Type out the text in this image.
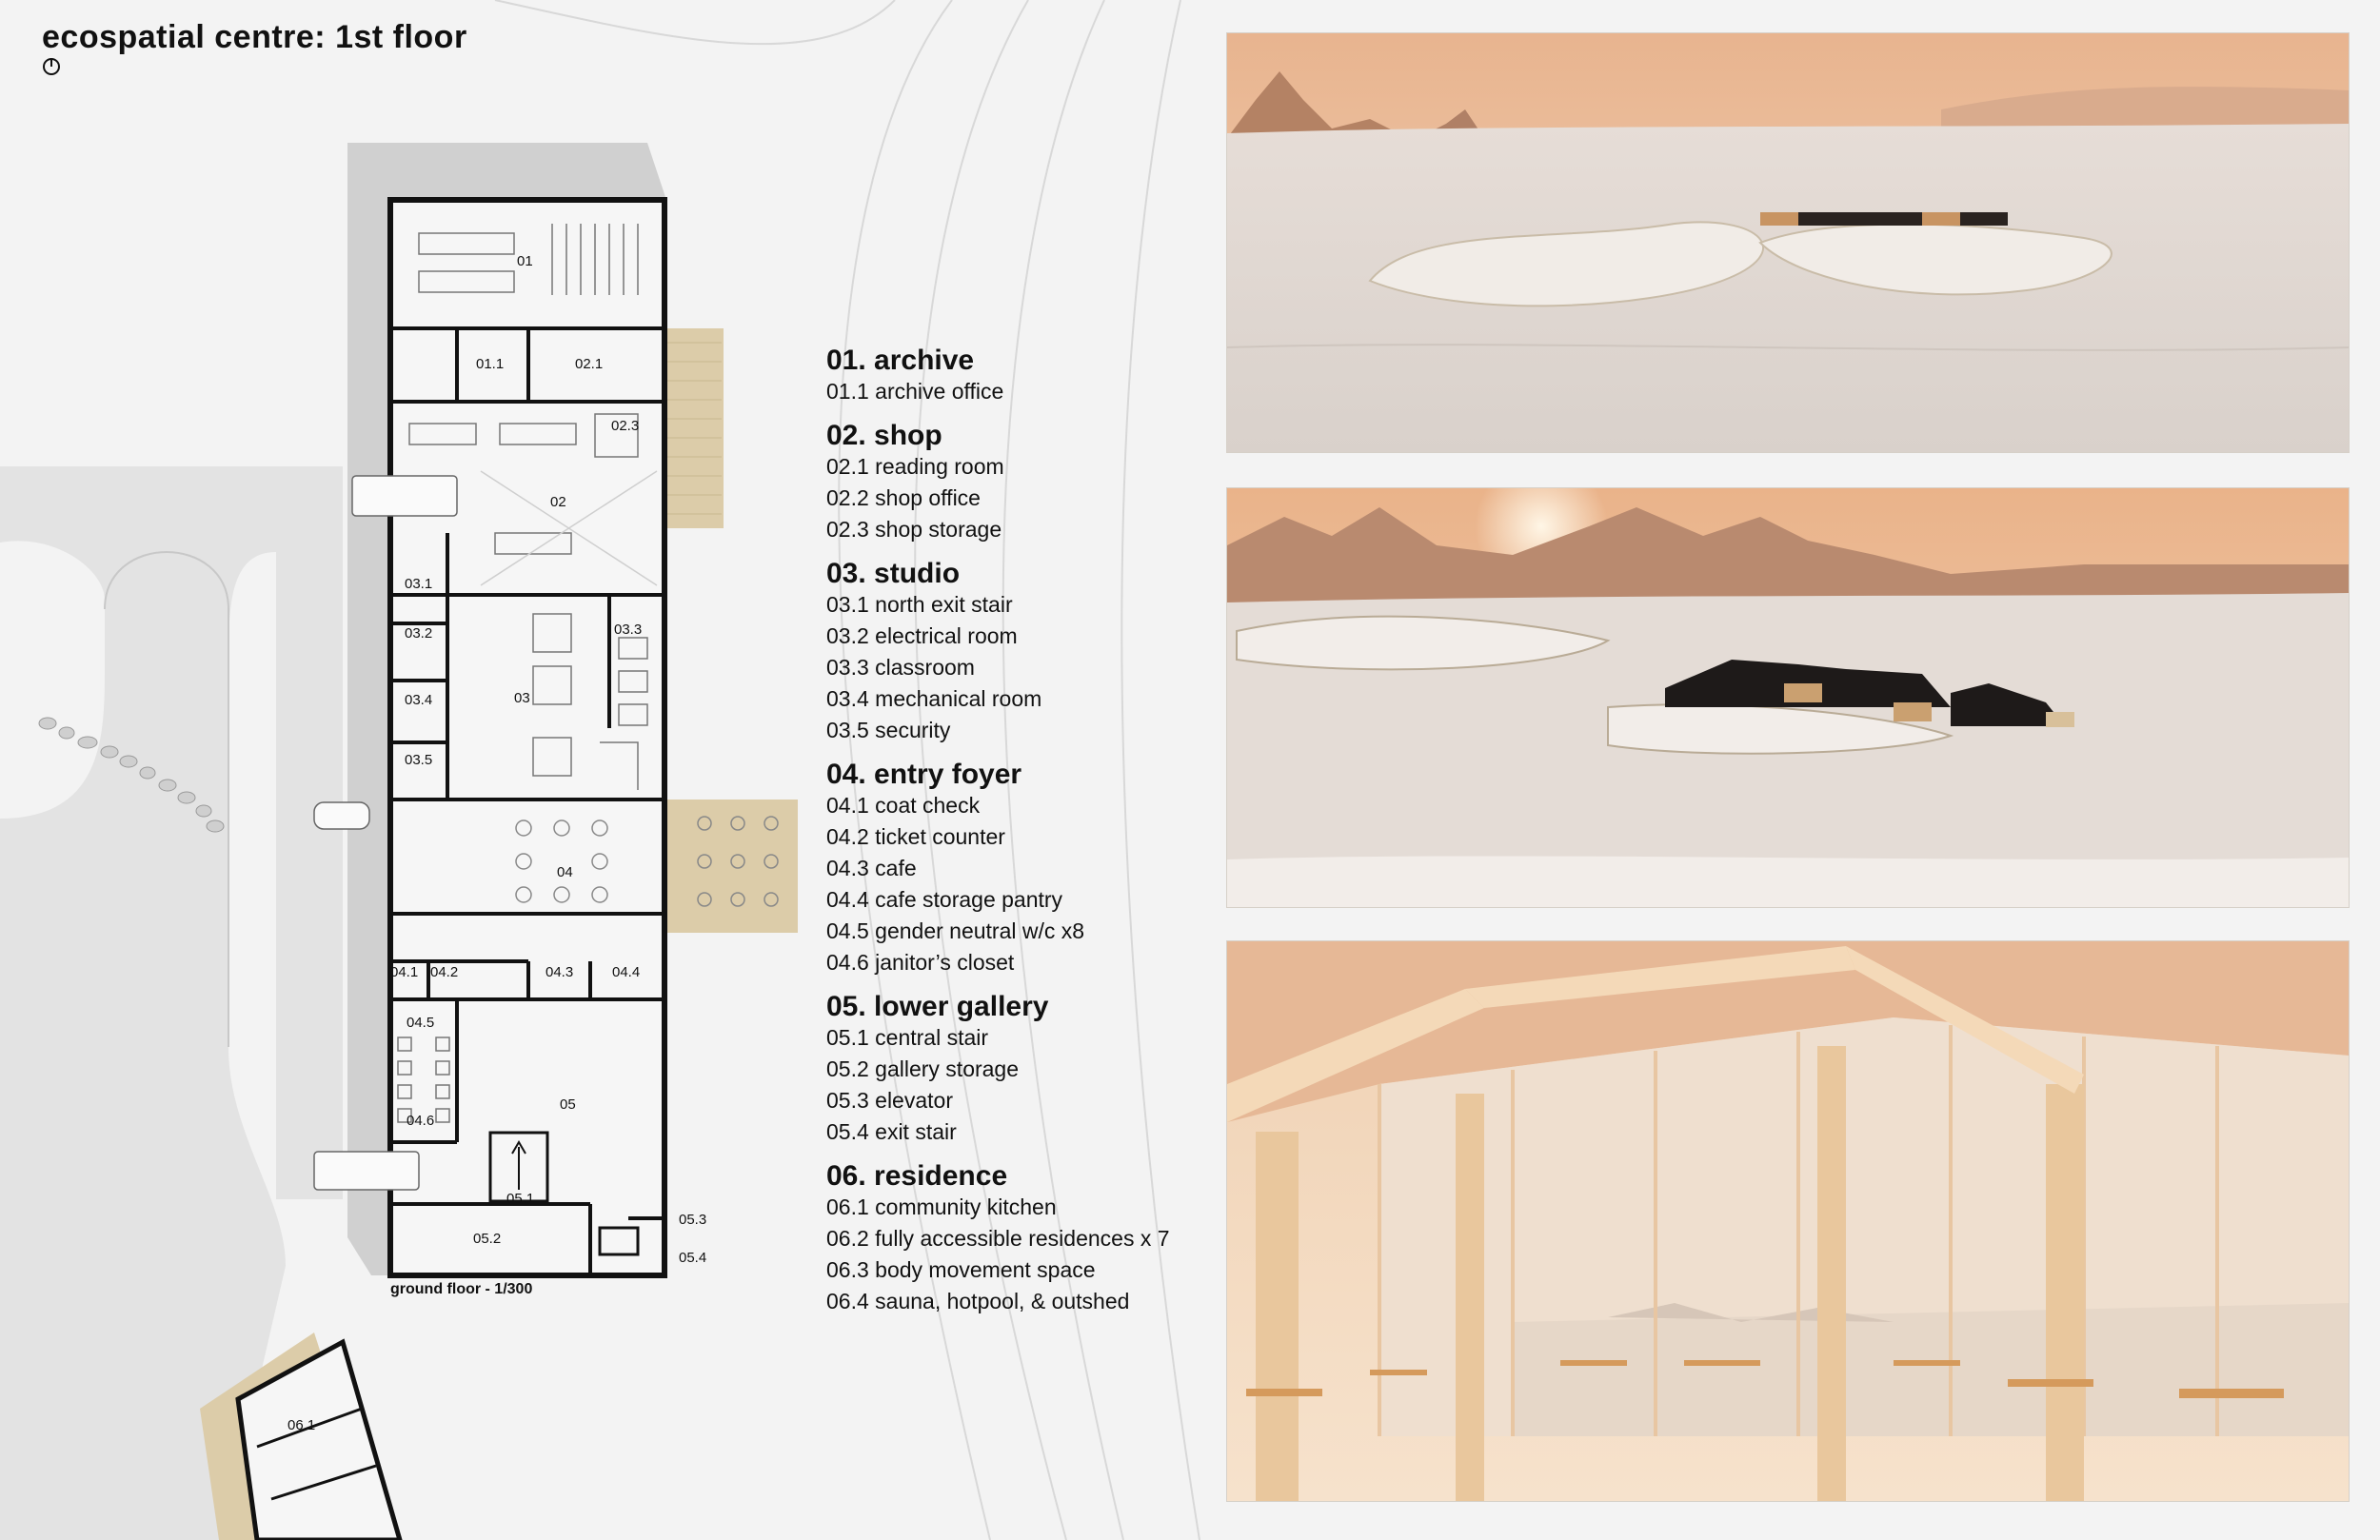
ecospatial centre: 1st floor
01
01.1	02.1
02.3
02
03.1
03.2	03.3
03.4	03
03.5
04
04.1 04.2	04.3	04.4
04.5
04.6
05
05.1
05.2
05.3
05.4
06.1
ground floor - 1/300
01. archive
01.1 archive office
02. shop
02.1 reading room
02.2 shop office
02.3 shop storage
03. studio
03.1 north exit stair
03.2 electrical room
03.3 classroom
03.4 mechanical room
03.5 security
04. entry foyer
04.1 coat check
04.2 ticket counter
04.3 cafe
04.4 cafe storage pantry
04.5 gender neutral w/c x8
04.6 janitor’s closet
05. lower gallery
05.1 central stair
05.2 gallery storage
05.3 elevator
05.4 exit stair
06. residence
06.1 community kitchen
06.2 fully accessible residences x 7
06.3 body movement space
06.4 sauna, hotpool, & outshed
